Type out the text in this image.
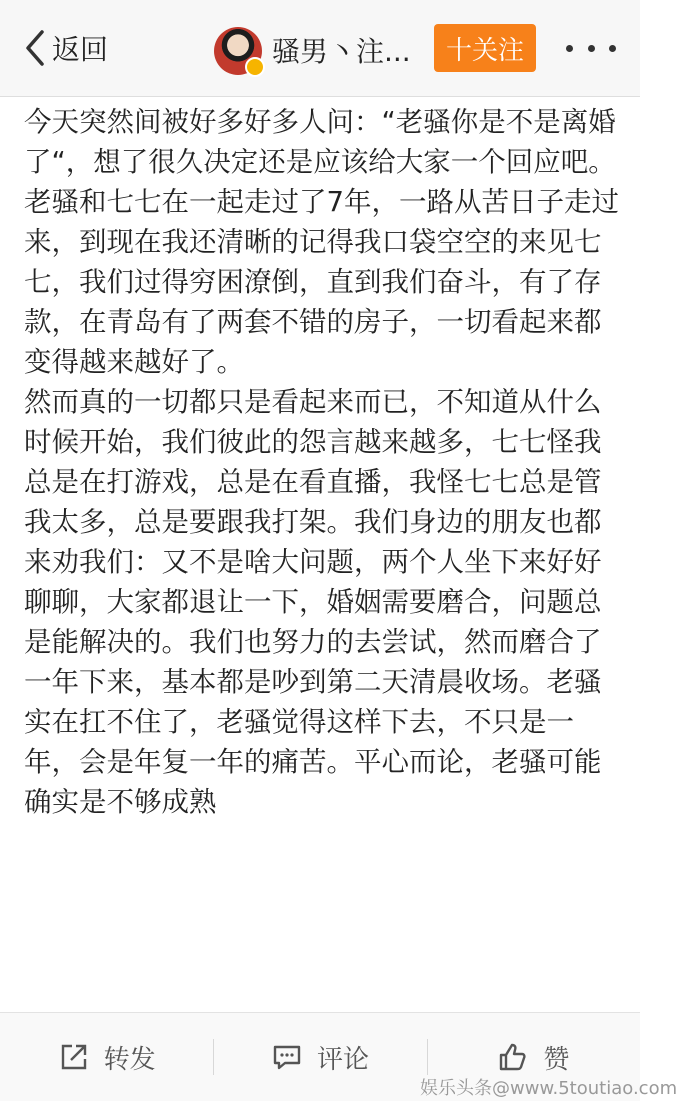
返回	骚男丶注...	十关注

今天突然间被好多好多人问：“老骚你是不是离婚了“，想了很久决定还是应该给大家一个回应吧。

老骚和七七在一起走过了7年，一路从苦日子走过来，到现在我还清晰的记得我口袋空空的来见七七，我们过得穷困潦倒，直到我们奋斗，有了存款，在青岛有了两套不错的房子，一切看起来都变得越来越好了。

然而真的一切都只是看起来而已，不知道从什么时候开始，我们彼此的怨言越来越多，七七怪我总是在打游戏，总是在看直播，我怪七七总是管我太多，总是要跟我打架。我们身边的朋友也都来劝我们：又不是啥大问题，两个人坐下来好好聊聊，大家都退让一下，婚姻需要磨合，问题总是能解决的。我们也努力的去尝试，然而磨合了一年下来，基本都是吵到第二天清晨收场。老骚实在扛不住了，老骚觉得这样下去，不只是一年，会是年复一年的痛苦。平心而论，老骚可能确实是不够成熟

转发	评论	赞
娱乐头条@www.5toutiao.com
